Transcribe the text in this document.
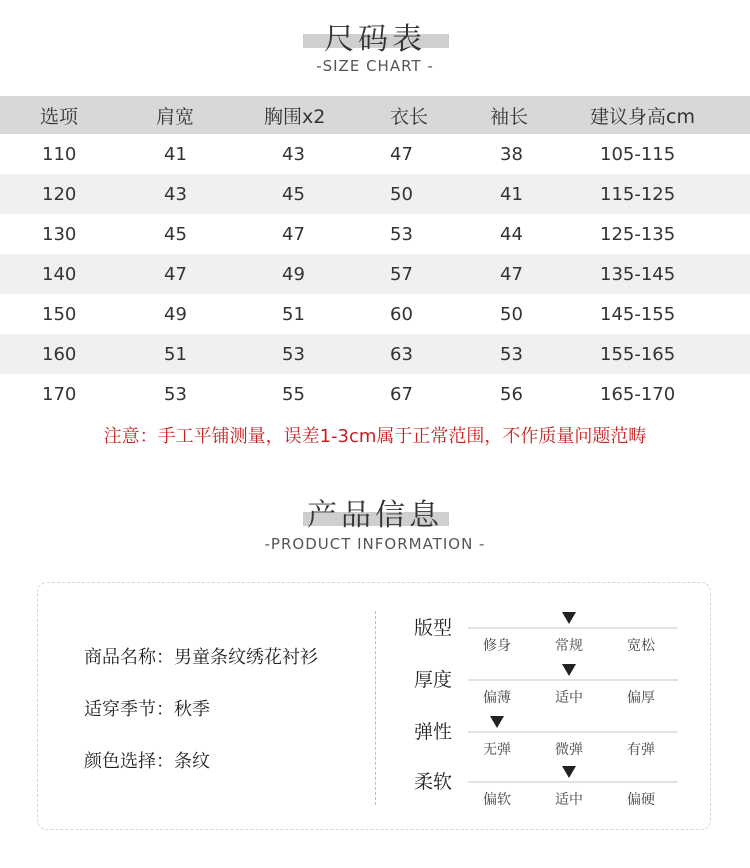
尺码表
-SIZE CHART -
选项	肩宽	胸围x2	衣长	袖长	建议身高cm
110	41	43	47	38	105-115
120	43	45	50	41	115-125
130	45	47	53	44	125-135
140	47	49	57	47	135-145
150	49	51	60	50	145-155
160	51	53	63	53	155-165
170	53	55	67	56	165-170
注意：手工平铺测量，误差1-3cm属于正常范围，不作质量问题范畴
产品信息
-PRODUCT INFORMATION -
商品名称：男童条纹绣花衬衫
适穿季节：秋季
颜色选择：条纹
版型
修身	常规	宽松
厚度
偏薄	适中	偏厚
弹性
无弹	微弹	有弹
柔软
偏软	适中	偏硬
